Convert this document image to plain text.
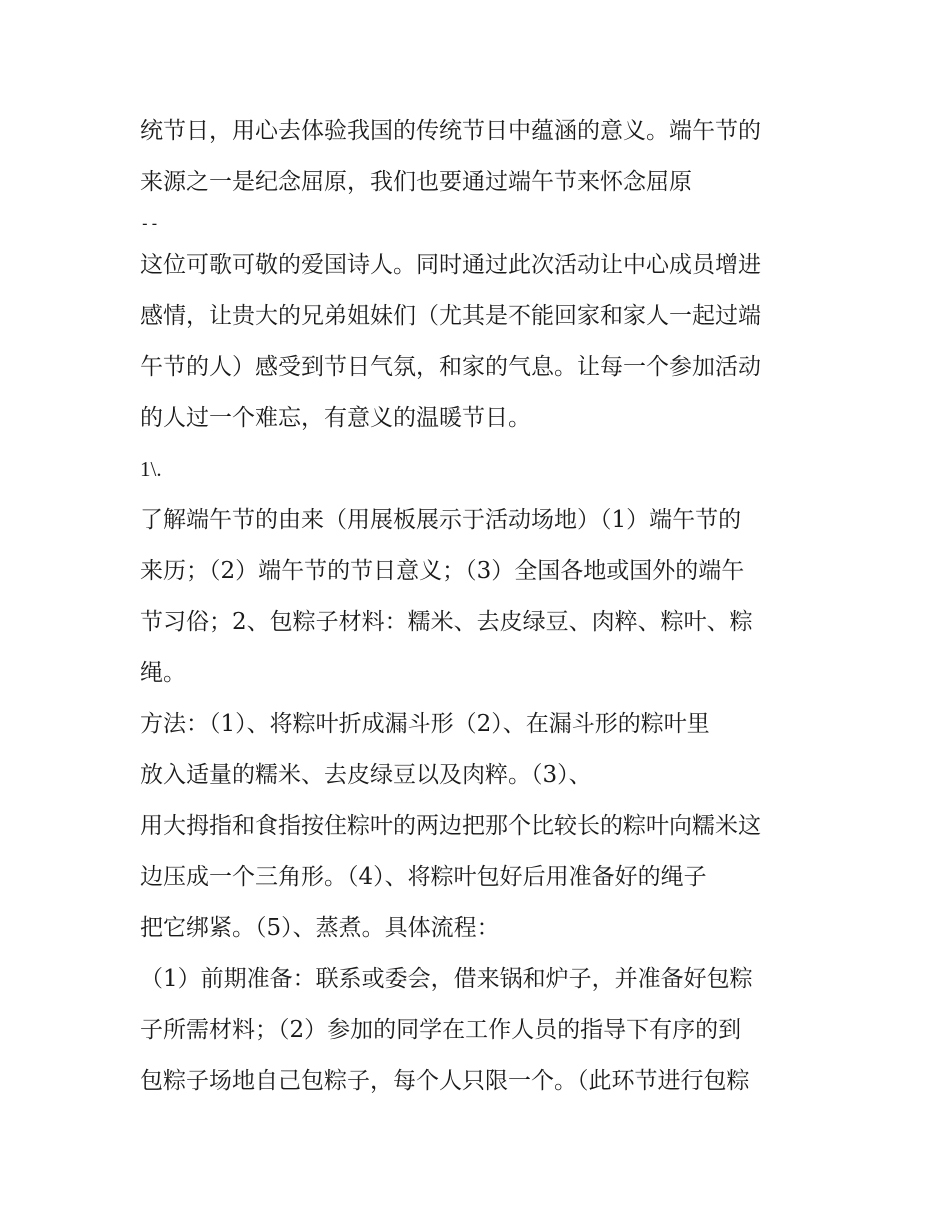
统节日，用心去体验我国的传统节日中蕴涵的意义。端午节的
来源之一是纪念屈原，我们也要通过端午节来怀念屈原
--
这位可歌可敬的爱国诗人。同时通过此次活动让中心成员增进
感情，让贵大的兄弟姐妹们（尤其是不能回家和家人一起过端
午节的人）感受到节日气氛，和家的气息。让每一个参加活动
的人过一个难忘，有意义的温暖节日。
1\.
了解端午节的由来（用展板展示于活动场地）（1）端午节的
来历；（2）端午节的节日意义；（3）全国各地或国外的端午
节习俗；2、包粽子材料：糯米、去皮绿豆、肉粹、粽叶、粽
绳。
方法：（1）、将粽叶折成漏斗形（2）、在漏斗形的粽叶里
放入适量的糯米、去皮绿豆以及肉粹。（3）、
用大拇指和食指按住粽叶的两边把那个比较长的粽叶向糯米这
边压成一个三角形。（4）、将粽叶包好后用准备好的绳子
把它绑紧。（5）、蒸煮。具体流程：
（1）前期准备：联系或委会，借来锅和炉子，并准备好包粽
子所需材料；（2）参加的同学在工作人员的指导下有序的到
包粽子场地自己包粽子，每个人只限一个。（此环节进行包粽
